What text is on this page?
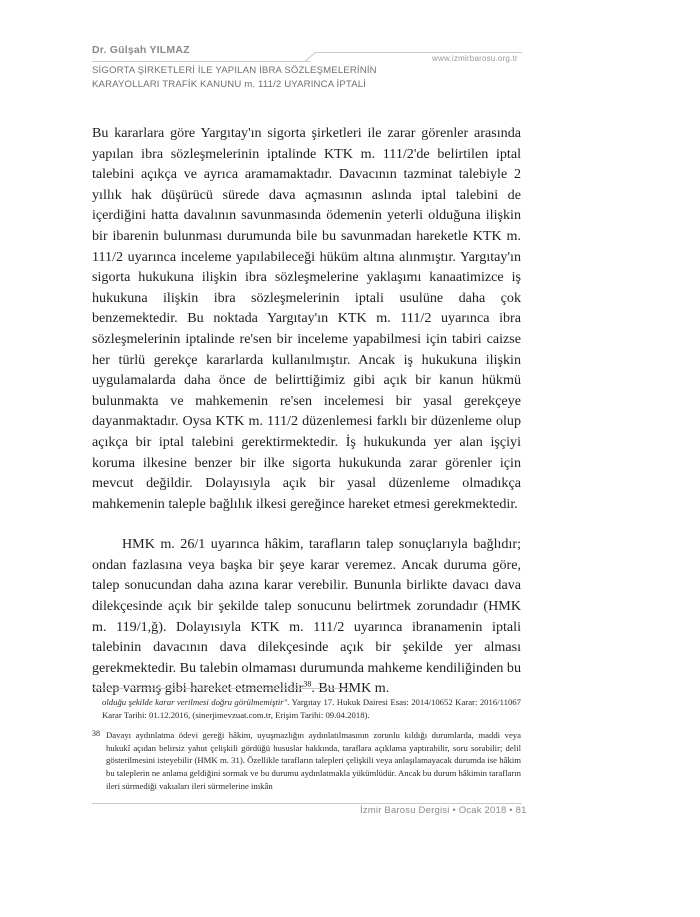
Dr. Gülşah YILMAZ
www.izmirbarosu.org.tr
SİGORTA ŞİRKETLERİ İLE YAPILAN İBRA SÖZLEŞMELERİNİN
KARAYOLLARI TRAFİK KANUNU m. 111/2 UYARINCA İPTALİ

Bu kararlara göre Yargıtay'ın sigorta şirketleri ile zarar görenler arasında yapılan ibra sözleşmelerinin iptalinde KTK m. 111/2'de belirtilen iptal talebini açıkça ve ayrıca aramamaktadır. Davacının tazminat talebiyle 2 yıllık hak düşürücü sürede dava açmasının aslında iptal talebini de içerdiğini hatta davalının savunmasında ödemenin yeterli olduğuna ilişkin bir ibarenin bulunması durumunda bile bu savunmadan hareketle KTK m. 111/2 uyarınca inceleme yapılabileceği hüküm altına alınmıştır. Yargıtay'ın sigorta hukukuna ilişkin ibra sözleşmelerine yaklaşımı kanaatimizce iş hukukuna ilişkin ibra sözleşmelerinin iptali usulüne daha çok benzemektedir. Bu noktada Yargıtay'ın KTK m. 111/2 uyarınca ibra sözleşmelerinin iptalinde re'sen bir inceleme yapabilmesi için tabiri caizse her türlü gerekçe kararlarda kullanılmıştır. Ancak iş hukukuna ilişkin uygulamalarda daha önce de belirttiğimiz gibi açık bir kanun hükmü bulunmakta ve mahkemenin re'sen incelemesi bir yasal gerekçeye dayanmaktadır. Oysa KTK m. 111/2 düzenlemesi farklı bir düzenleme olup açıkça bir iptal talebini gerektirmektedir. İş hukukunda yer alan işçiyi koruma ilkesine benzer bir ilke sigorta hukukunda zarar görenler için mevcut değildir. Dolayısıyla açık bir yasal düzenleme olmadıkça mahkemenin taleple bağlılık ilkesi gereğince hareket etmesi gerekmektedir.

HMK m. 26/1 uyarınca hâkim, tarafların talep sonuçlarıyla bağlıdır; ondan fazlasına veya başka bir şeye karar veremez. Ancak duruma göre, talep sonucundan daha azına karar verebilir. Bununla birlikte davacı dava dilekçesinde açık bir şekilde talep sonucunu belirtmek zorundadır (HMK m. 119/1,ğ). Dolayısıyla KTK m. 111/2 uyarınca ibranamenin iptali talebinin davacının dava dilekçesinde açık bir şekilde yer alması gerekmektedir. Bu talebin olmaması durumunda mahkeme kendiliğinden bu talep varmış gibi hareket etmemelidir$^{38}$. Bu HMK m.

olduğu şekilde karar verilmesi doğru görülmemiştir". Yargıtay 17. Hukuk Dairesi Esas: 2014/10652 Karar: 2016/11067 Karar Tarihi: 01.12.2016, (sinerjimevzuat.com.tr, Erişim Tarihi: 09.04.2018).
38 Davayı aydınlatma ödevi gereği hâkim, uyuşmazlığın aydınlatılmasının zorunlu kıldığı durumlarda, maddi veya hukukî açıdan belirsiz yahut çelişkili gördüğü hususlar hakkında, taraflara açıklama yaptırabilir, soru sorabilir; delil gösterilmesini isteyebilir (HMK m. 31). Özellikle tarafların talepleri çelişkili veya anlaşılamayacak durumda ise hâkim bu taleplerin ne anlama geldiğini sormak ve bu durumu aydınlatmakla yükümlüdür. Ancak bu durum hâkimin tarafların ileri sürmediği vakıaları ileri sürmelerine imkân
İzmir Barosu Dergisi • Ocak 2018 • 81
